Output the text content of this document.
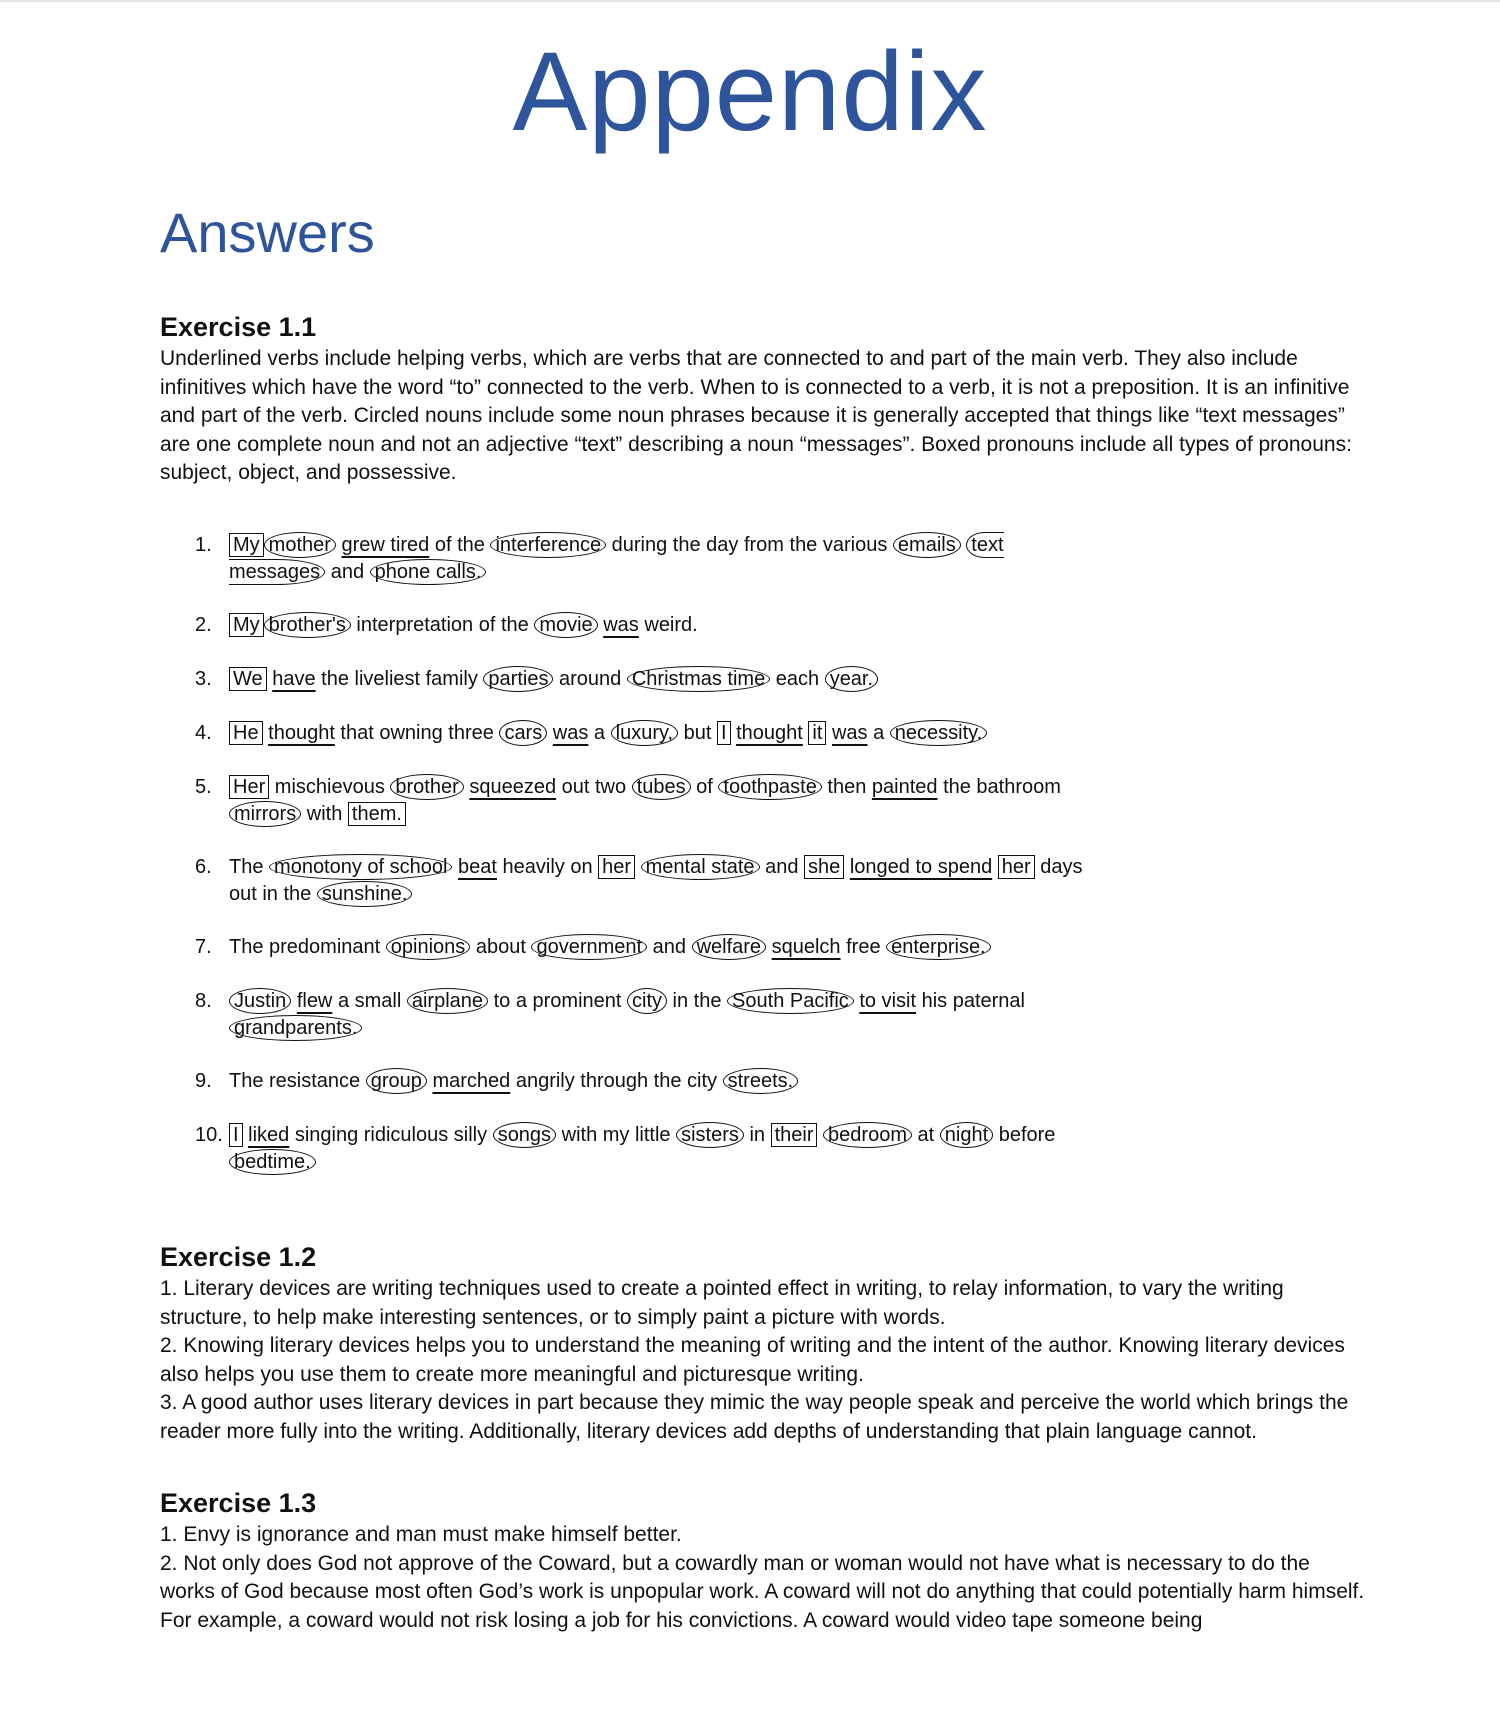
Appendix
Answers
Exercise 1.1

Underlined verbs include helping verbs, which are verbs that are connected to and part of the main verb. They also include infinitives which have the word “to” connected to the verb. When to is connected to a verb, it is not a preposition. It is an infinitive and part of the verb. Circled nouns include some noun phrases because it is generally accepted that things like “text messages” are one complete noun and not an adjective “text” describing a noun “messages”. Boxed pronouns include all types of pronouns: subject, object, and possessive.

1.	My mother grew tired of the interference during the day from the various emails text messages and phone calls.
2.	My brother's interpretation of the movie was weird.
3.	We have the liveliest family parties around Christmas time each year.
4.	He thought that owning three cars was a luxury, but I thought it was a necessity.
5.	Her mischievous brother squeezed out two tubes of toothpaste then painted the bathroom mirrors with them.
6. The monotony of school beat heavily on her mental state and she longed to spend her days out in the sunshine.
7. The predominant opinions about government and welfare squelch free enterprise.
8.	Justin flew a small airplane to a prominent city in the South Pacific to visit his paternal grandparents.
9. The resistance group marched angrily through the city streets.
10. I liked singing ridiculous silly songs with my little sisters in their bedroom at night before bedtime.
Exercise 1.2

1. Literary devices are writing techniques used to create a pointed effect in writing, to relay information, to vary the writing structure, to help make interesting sentences, or to simply paint a picture with words.

2. Knowing literary devices helps you to understand the meaning of writing and the intent of the author. Knowing literary devices also helps you use them to create more meaningful and picturesque writing.

3. A good author uses literary devices in part because they mimic the way people speak and perceive the world which brings the reader more fully into the writing. Additionally, literary devices add depths of understanding that plain language cannot.

Exercise 1.3

1. Envy is ignorance and man must make himself better.

2. Not only does God not approve of the Coward, but a cowardly man or woman would not have what is necessary to do the works of God because most often God’s work is unpopular work. A coward will not do anything that could potentially harm himself. For example, a coward would not risk losing a job for his convictions. A coward would video tape someone being
